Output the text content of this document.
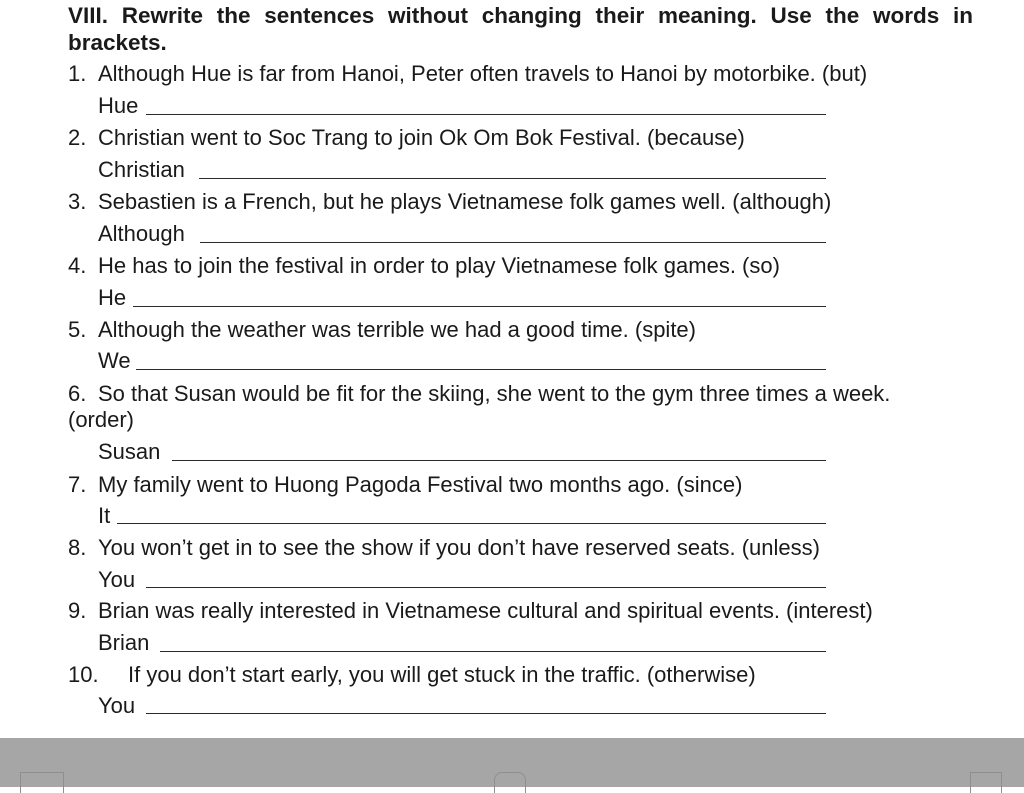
VIII. Rewrite the sentences without changing their meaning. Use the words in brackets.
1. Although Hue is far from Hanoi, Peter often travels to Hanoi by motorbike. (but)
Hue
2. Christian went to Soc Trang to join Ok Om Bok Festival. (because)
Christian
3. Sebastien is a French, but he plays Vietnamese folk games well. (although)
Although
4. He has to join the festival in order to play Vietnamese folk games. (so)
He
5. Although the weather was terrible we had a good time. (spite)
We
6. So that Susan would be fit for the skiing, she went to the gym three times a week.
(order)
Susan
7. My family went to Huong Pagoda Festival two months ago. (since)
It
8. You won’t get in to see the show if you don’t have reserved seats. (unless)
You
9. Brian was really interested in Vietnamese cultural and spiritual events. (interest)
Brian
10. If you don’t start early, you will get stuck in the traffic. (otherwise)
You
